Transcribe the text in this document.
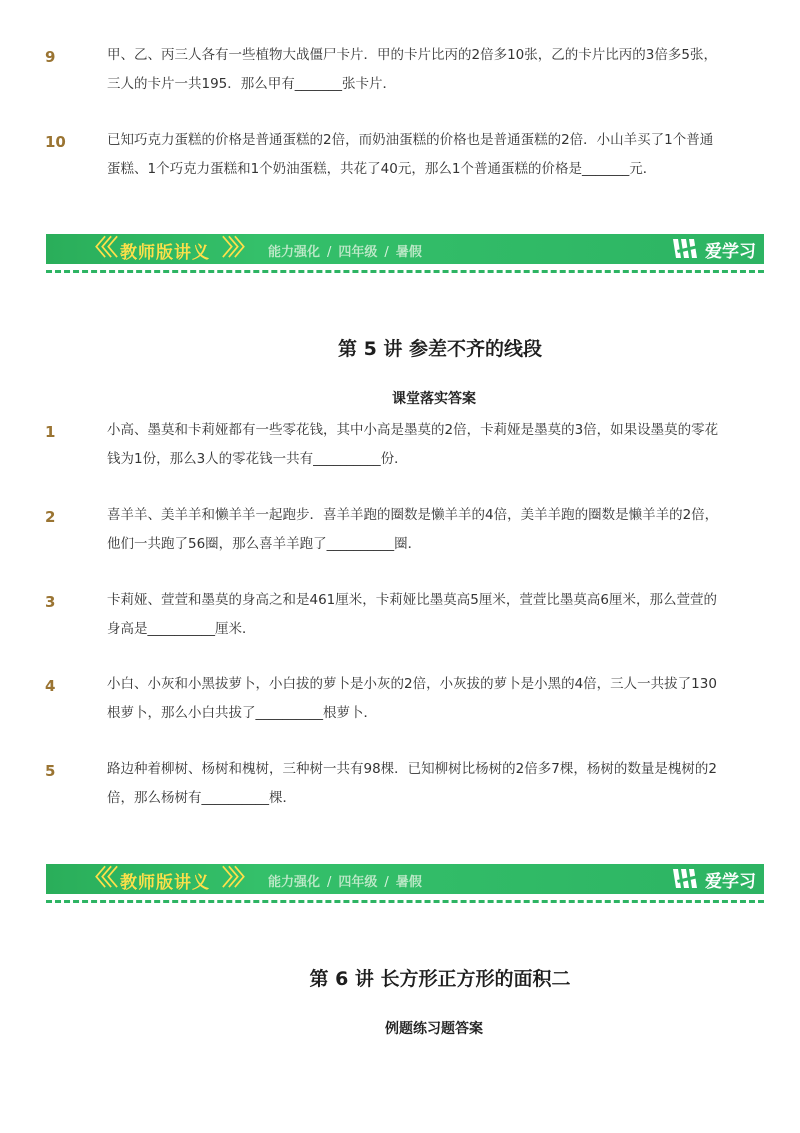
9	甲、乙、丙三人各有一些植物大战僵尸卡片．甲的卡片比丙的2倍多10张，乙的卡片比丙的3倍多5张，三人的卡片一共195．那么甲有_______张卡片．
10	已知巧克力蛋糕的价格是普通蛋糕的2倍，而奶油蛋糕的价格也是普通蛋糕的2倍．小山羊买了1个普通蛋糕、1个巧克力蛋糕和1个奶油蛋糕，共花了40元，那么1个普通蛋糕的价格是_______元．
〈〈〈 教师版讲义 〉〉〉 能力强化 / 四年级 / 暑假	爱学习
第 5 讲 参差不齐的线段
课堂落实答案
1	小高、墨莫和卡莉娅都有一些零花钱，其中小高是墨莫的2倍，卡莉娅是墨莫的3倍，如果设墨莫的零花钱为1份，那么3人的零花钱一共有__________份．
2	喜羊羊、美羊羊和懒羊羊一起跑步．喜羊羊跑的圈数是懒羊羊的4倍，美羊羊跑的圈数是懒羊羊的2倍，他们一共跑了56圈，那么喜羊羊跑了__________圈．
3	卡莉娅、萱萱和墨莫的身高之和是461厘米，卡莉娅比墨莫高5厘米，萱萱比墨莫高6厘米，那么萱萱的身高是__________厘米．
4	小白、小灰和小黑拔萝卜，小白拔的萝卜是小灰的2倍，小灰拔的萝卜是小黑的4倍，三人一共拔了130根萝卜，那么小白共拔了__________根萝卜．
5	路边种着柳树、杨树和槐树，三种树一共有98棵．已知柳树比杨树的2倍多7棵，杨树的数量是槐树的2倍，那么杨树有__________棵．
〈〈〈 教师版讲义 〉〉〉 能力强化 / 四年级 / 暑假	爱学习
第 6 讲 长方形正方形的面积二
例题练习题答案
